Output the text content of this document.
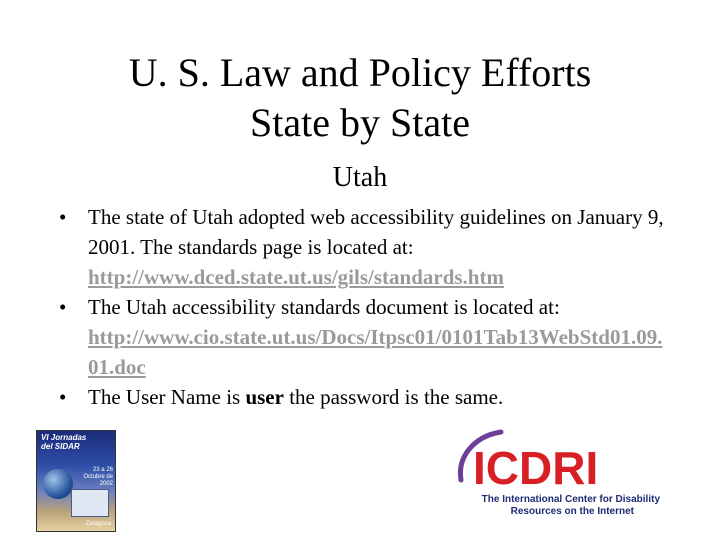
U. S. Law and Policy Efforts
State by State
Utah
• The state of Utah adopted web accessibility guidelines on January 9, 2001. The standards page is located at:
http://www.dced.state.ut.us/gils/standards.htm
• The Utah accessibility standards document is located at:
http://www.cio.state.ut.us/Docs/Itpsc01/0101Tab13WebStd01.09.01.doc
• The User Name is user the password is the same.
VI Jornadas
del SIDAR
23 a 26
Octubre de 2002
Zaragoza
ICDRI
The International Center for Disability
Resources on the Internet
